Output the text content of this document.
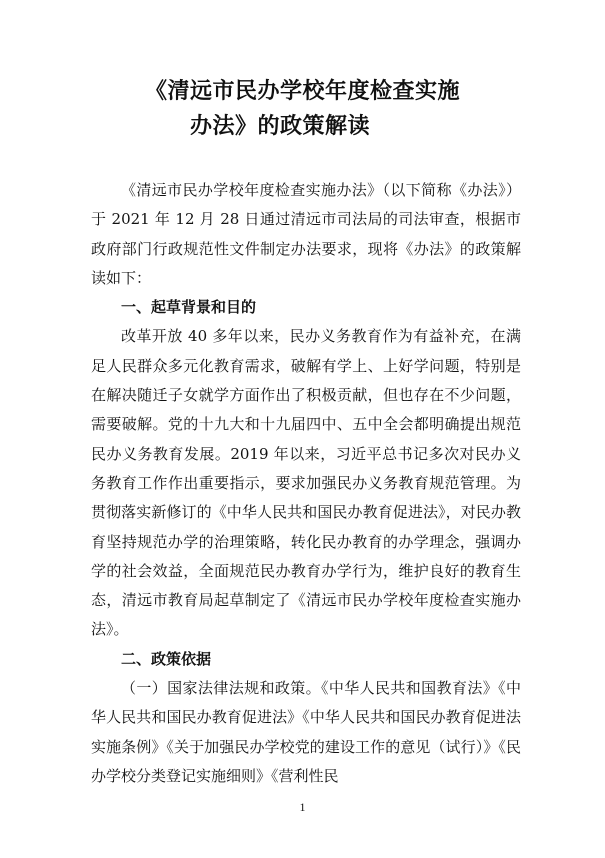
《清远市民办学校年度检查实施
办法》的政策解读

《清远市民办学校年度检查实施办法》（以下简称《办法》）于 2021 年 12 月 28 日通过清远市司法局的司法审查，根据市政府部门行政规范性文件制定办法要求，现将《办法》的政策解读如下：

一、起草背景和目的

改革开放 40 多年以来，民办义务教育作为有益补充，在满足人民群众多元化教育需求，破解有学上、上好学问题，特别是在解决随迁子女就学方面作出了积极贡献，但也存在不少问题，需要破解。党的十九大和十九届四中、五中全会都明确提出规范民办义务教育发展。2019 年以来，习近平总书记多次对民办义务教育工作作出重要指示，要求加强民办义务教育规范管理。为贯彻落实新修订的《中华人民共和国民办教育促进法》，对民办教育坚持规范办学的治理策略，转化民办教育的办学理念，强调办学的社会效益，全面规范民办教育办学行为，维护良好的教育生态，清远市教育局起草制定了《清远市民办学校年度检查实施办法》。

二、政策依据

（一）国家法律法规和政策。《中华人民共和国教育法》《中华人民共和国民办教育促进法》《中华人民共和国民办教育促进法实施条例》《关于加强民办学校党的建设工作的意见（试行）》《民办学校分类登记实施细则》《营利性民

1
